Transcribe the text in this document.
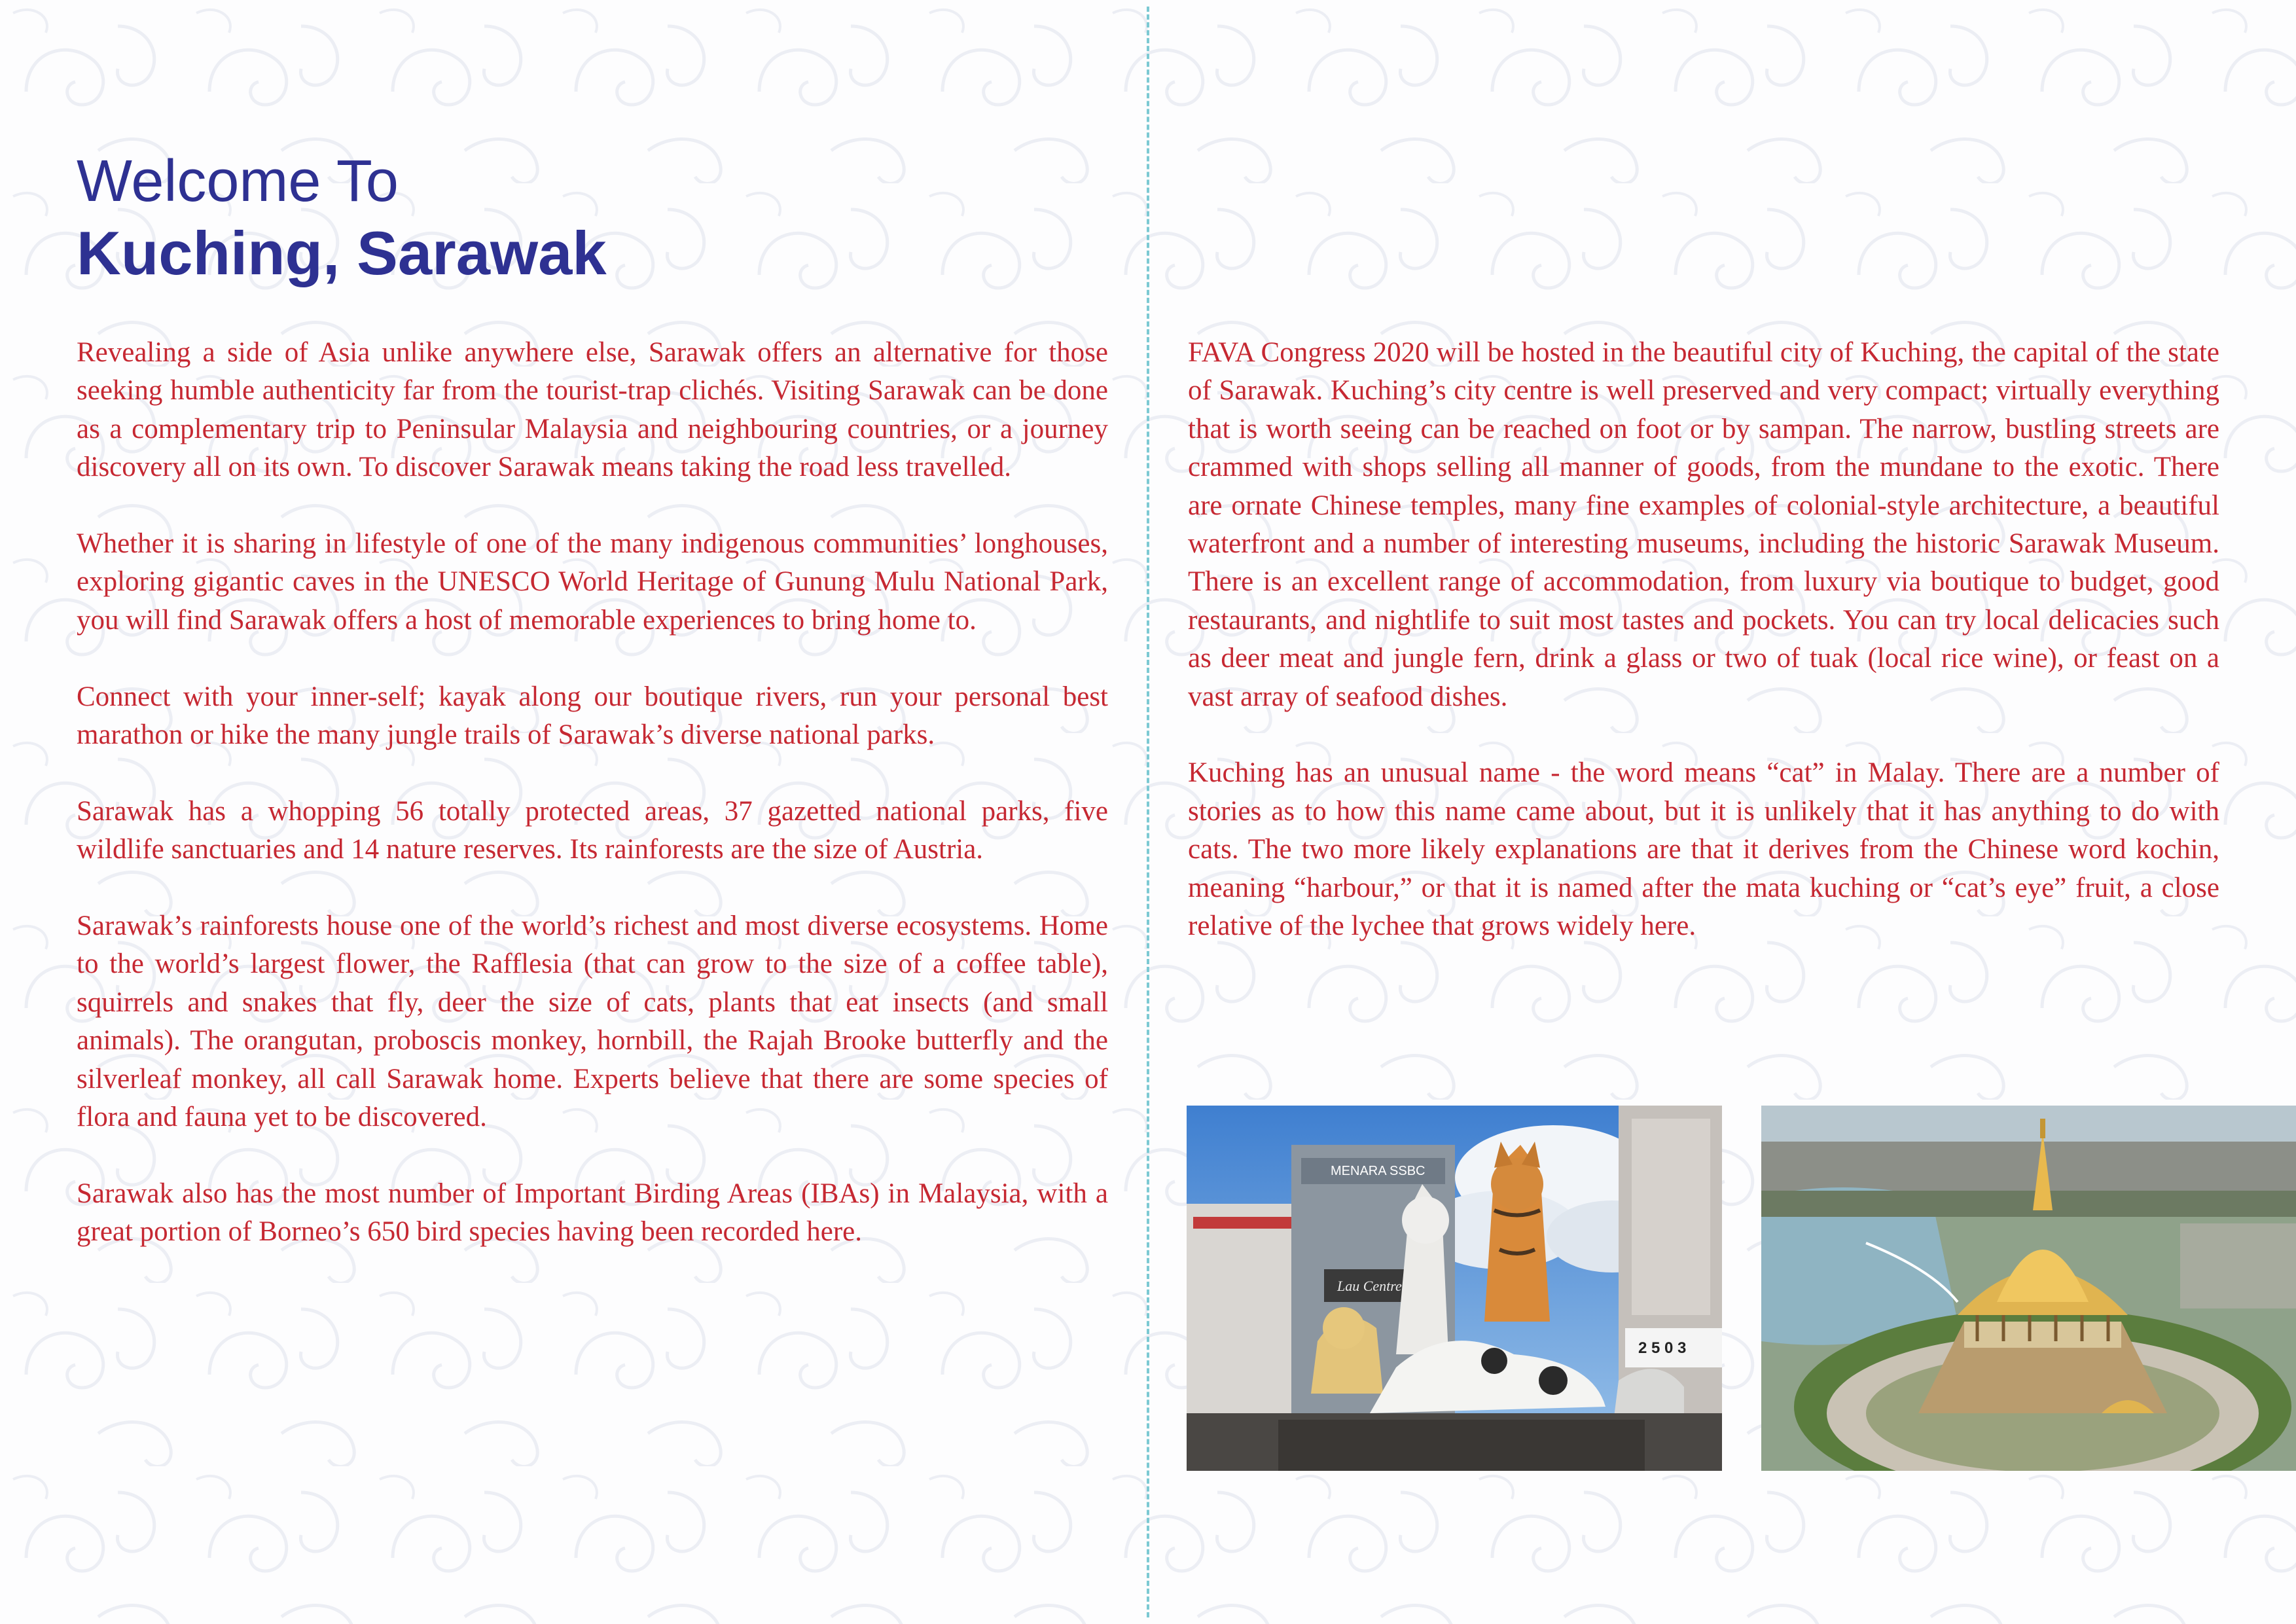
Welcome To
Kuching, Sarawak

Revealing a side of Asia unlike anywhere else, Sarawak offers an alternative for those seeking humble authenticity far from the tourist-trap clichés. Visiting Sarawak can be done as a complementary trip to Peninsular Malaysia and neighbouring countries, or a journey discovery all on its own. To discover Sarawak means taking the road less travelled.

Whether it is sharing in lifestyle of one of the many indigenous communities’ longhouses, exploring gigantic caves in the UNESCO World Heritage of Gunung Mulu National Park, you will find Sarawak offers a host of memorable experiences to bring home to.

Connect with your inner-self; kayak along our boutique rivers, run your personal best marathon or hike the many jungle trails of Sarawak’s diverse national parks.

Sarawak has a whopping 56 totally protected areas, 37 gazetted national parks, five wildlife sanctuaries and 14 nature reserves. Its rainforests are the size of Austria.

Sarawak’s rainforests house one of the world’s richest and most diverse ecosystems. Home to the world’s largest flower, the Rafflesia (that can grow to the size of a coffee table), squirrels and snakes that fly, deer the size of cats, plants that eat insects (and small animals). The orangutan, proboscis monkey, hornbill, the Rajah Brooke butterfly and the silverleaf monkey, all call Sarawak home. Experts believe that there are some species of flora and fauna yet to be discovered.

Sarawak also has the most number of Important Birding Areas (IBAs) in Malaysia, with a great portion of Borneo’s 650 bird species having been recorded here.

FAVA Congress 2020 will be hosted in the beautiful city of Kuching, the capital of the state of Sarawak. Kuching’s city centre is well preserved and very compact; virtually everything that is worth seeing can be reached on foot or by sampan. The narrow, bustling streets are crammed with shops selling all manner of goods, from the mundane to the exotic. There are ornate Chinese temples, many fine examples of colonial-style architecture, a beautiful waterfront and a number of interesting museums, including the historic Sarawak Museum. There is an excellent range of accommodation, from luxury via boutique to budget, good restaurants, and nightlife to suit most tastes and pockets. You can try local delicacies such as deer meat and jungle fern, drink a glass or two of tuak (local rice wine), or feast on a vast array of seafood dishes.

Kuching has an unusual name - the word means “cat” in Malay. There are a number of stories as to how this name came about, but it is unlikely that it has anything to do with cats. The two more likely explanations are that it derives from the Chinese word kochin, meaning “harbour,” or that it is named after the mata kuching or “cat’s eye” fruit, a close relative of the lychee that grows widely here.

MENARA SSBC
Lau Centre
2 5 0 3
